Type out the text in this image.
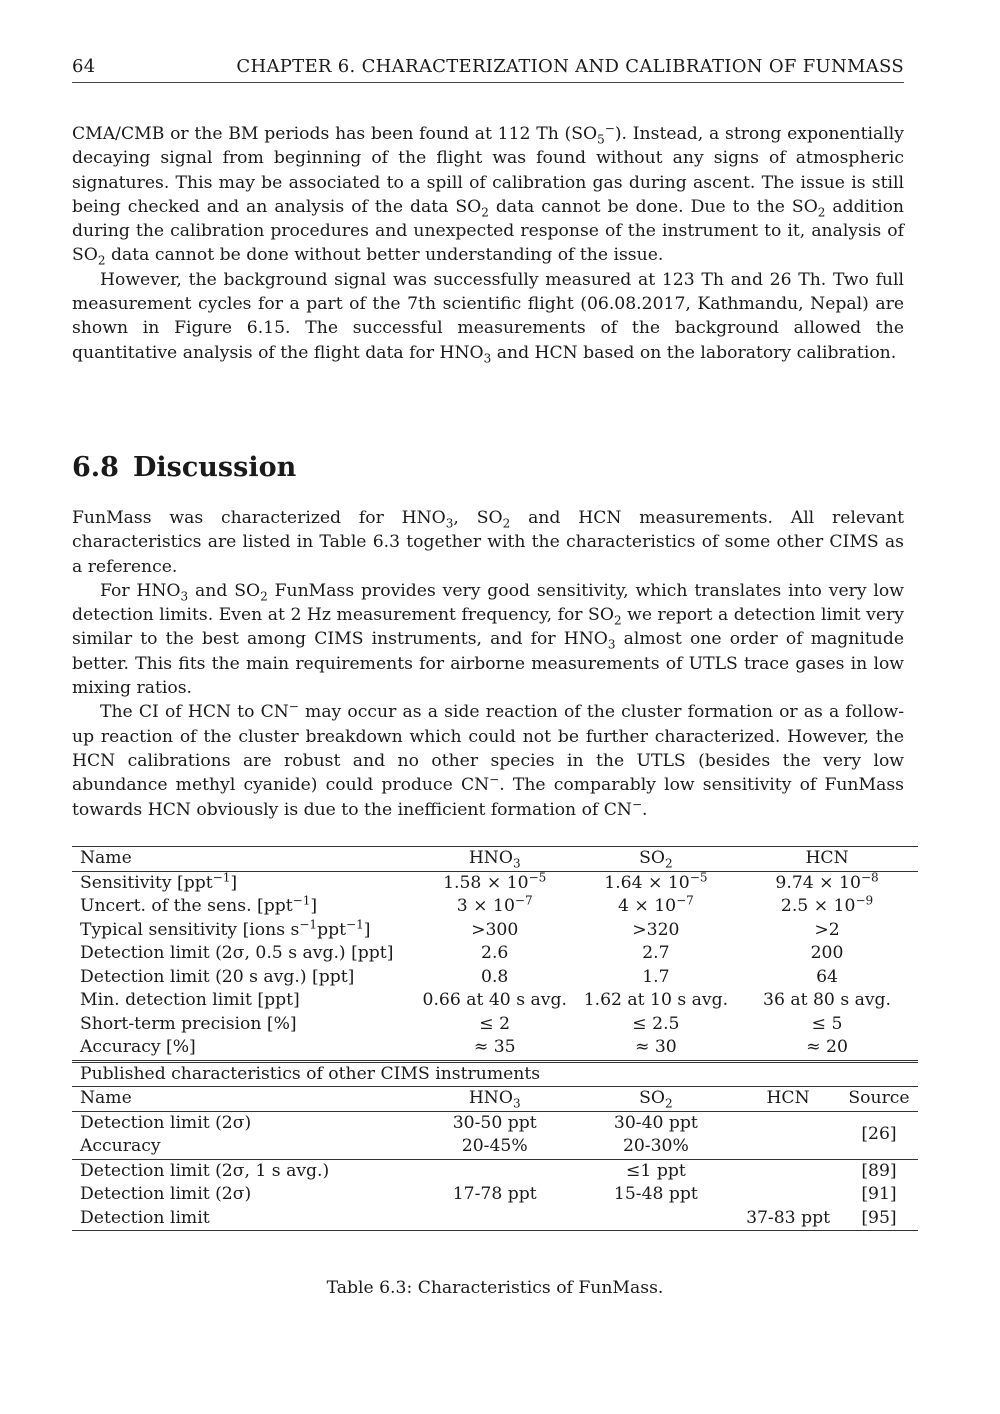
64	CHAPTER 6. CHARACTERIZATION AND CALIBRATION OF FUNMASS

CMA/CMB or the BM periods has been found at 112 Th $(SO_5^-)$. Instead, a strong exponentially decaying signal from beginning of the flight was found without any signs of atmospheric signatures. This may be associated to a spill of calibration gas during ascent. The issue is still being checked and an analysis of the data $SO_2$ data cannot be done. Due to the $SO_2$ addition during the calibration procedures and unexpected response of the instrument to it, analysis of $SO_2$ data cannot be done without better understanding of the issue.

However, the background signal was successfully measured at 123 Th and 26 Th. Two full measurement cycles for a part of the 7th scientific flight (06.08.2017, Kathmandu, Nepal) are shown in Figure 6.15. The successful measurements of the background allowed the quantitative analysis of the flight data for $HNO_3$ and HCN based on the laboratory calibration.

6.8 Discussion

FunMass was characterized for $HNO_3$, $SO_2$ and HCN measurements. All relevant characteristics are listed in Table 6.3 together with the characteristics of some other CIMS as a reference.

For $HNO_3$ and $SO_2$ FunMass provides very good sensitivity, which translates into very low detection limits. Even at 2 Hz measurement frequency, for $SO_2$ we report a detection limit very similar to the best among CIMS instruments, and for $HNO_3$ almost one order of magnitude better. This fits the main requirements for airborne measurements of UTLS trace gases in low mixing ratios.

The CI of HCN to CN− may occur as a side reaction of the cluster formation or as a follow-up reaction of the cluster breakdown which could not be further characterized. However, the HCN calibrations are robust and no other species in the UTLS (besides the very low abundance methyl cyanide) could produce CN−. The comparably low sensitivity of FunMass towards HCN obviously is due to the inefficient formation of CN−.

Name	$HNO_3$	$SO_2$	HCN	
Sensitivity [ppt$^{-1}$]	$1.58 \times 10^{-5}$	$1.64 \times 10^{-5}$	$9.74 \times 10^{-8}$
Uncert. of the sens. [ppt$^{-1}$]	$3 \times 10^{-7}$	$4 \times 10^{-7}$	$2.5 \times 10^{-9}$
Typical sensitivity [ions $s^{-1}ppt^{-1}$]	>300	>320	>2	
Detection limit (2σ, 0.5 s avg.) [ppt]	2.6	2.7	200	
Detection limit (20 s avg.) [ppt]	0.8	1.7	64	
Min. detection limit [ppt]	0.66 at 40 s avg.	1.62 at 10 s avg.	36 at 80 s avg.	
Short-term precision [%]	≤ 2	≤ 2.5	≤ 5	
Accuracy [%]	≈ 35	≈ 30	≈ 20	
Published characteristics of other CIMS instruments				
Name	$HNO_3$	$SO_2$	HCN	Source
Detection limit (2σ)	30-50 ppt	30-40 ppt		[26]
Accuracy	20-45%	20-30%		
Detection limit (2σ, 1 s avg.)		≤1 ppt		[89]
Detection limit (2σ)	17-78 ppt	15-48 ppt		[91]
Detection limit			37-83 ppt	[95]
Table 6.3: Characteristics of FunMass.
